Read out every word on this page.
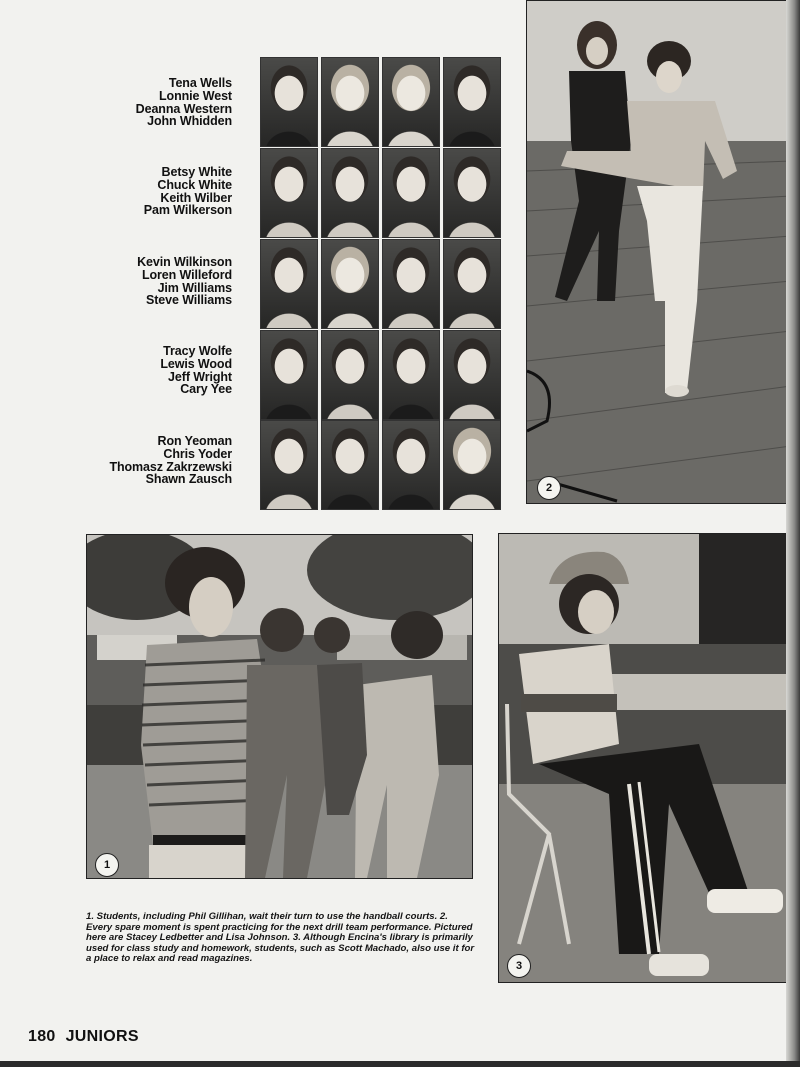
Tena Wells
Lonnie West
Deanna Western
John Whidden
Betsy White
Chuck White
Keith Wilber
Pam Wilkerson
Kevin Wilkinson
Loren Willeford
Jim Williams
Steve Williams
Tracy Wolfe
Lewis Wood
Jeff Wright
Cary Yee
Ron Yeoman
Chris Yoder
Thomasz Zakrzewski
Shawn Zausch
2
1
3
1. Students, including Phil Gillihan, wait their turn to use the handball courts. 2. Every spare moment is spent practicing for the next drill team performance. Pictured here are Stacey Ledbetter and Lisa Johnson. 3. Although Encina's library is primarily used for class study and homework, students, such as Scott Machado, also use it for a place to relax and read magazines.
180 JUNIORS
